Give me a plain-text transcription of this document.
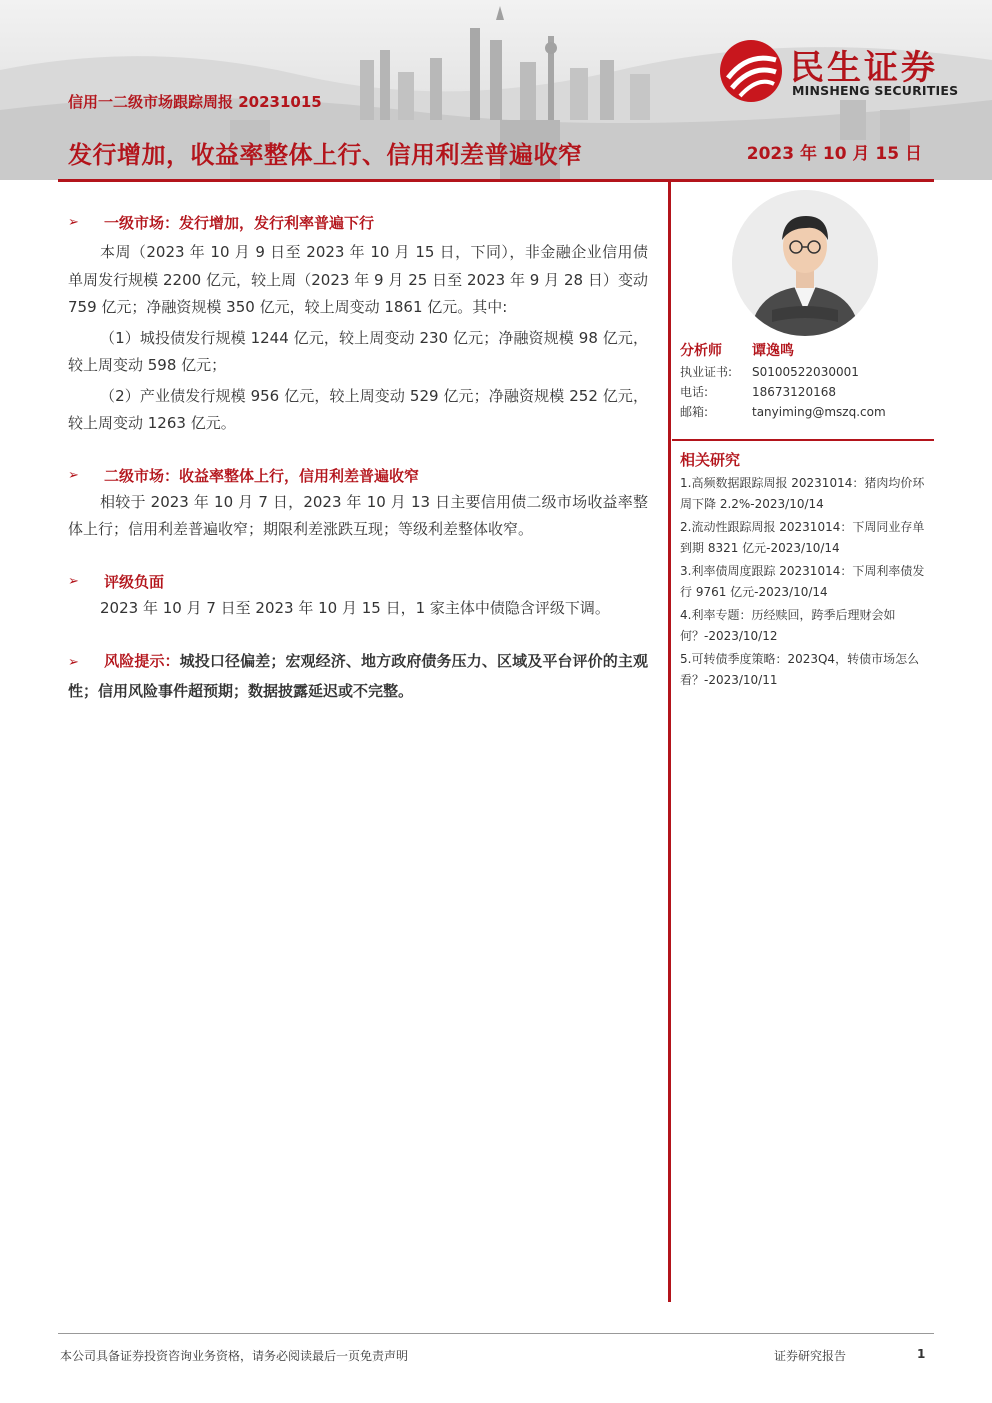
信用一二级市场跟踪周报 20231015
发行增加，收益率整体上行、信用利差普遍收窄	2023 年 10 月 15 日
民生证券
MINSHENG SECURITIES
➢	一级市场：发行增加，发行利率普遍下行

本周（2023 年 10 月 9 日至 2023 年 10 月 15 日，下同），非金融企业信用债单周发行规模 2200 亿元，较上周（2023 年 9 月 25 日至 2023 年 9 月 28 日）变动 759 亿元；净融资规模 350 亿元，较上周变动 1861 亿元。其中:

（1）城投债发行规模 1244 亿元，较上周变动 230 亿元；净融资规模 98 亿元，较上周变动 598 亿元；

（2）产业债发行规模 956 亿元，较上周变动 529 亿元；净融资规模 252 亿元，较上周变动 1263 亿元。

➢	二级市场：收益率整体上行，信用利差普遍收窄

相较于 2023 年 10 月 7 日，2023 年 10 月 13 日主要信用债二级市场收益率整体上行；信用利差普遍收窄；期限利差涨跌互现；等级利差整体收窄。

➢	评级负面

2023 年 10 月 7 日至 2023 年 10 月 15 日，1 家主体中债隐含评级下调。

➢ 风险提示：城投口径偏差；宏观经济、地方政府债务压力、区域及平台评价的主观性；信用风险事件超预期；数据披露延迟或不完整。

分析师	谭逸鸣
执业证书:	S0100522030001
电话:	18673120168
邮箱:	tanyiming@mszq.com
相关研究
1.高频数据跟踪周报 20231014：猪肉均价环周下降 2.2%-2023/10/14
2.流动性跟踪周报 20231014：下周同业存单到期 8321 亿元-2023/10/14
3.利率债周度跟踪 20231014：下周利率债发行 9761 亿元-2023/10/14
4.利率专题：历经赎回，跨季后理财会如何？-2023/10/12
5.可转债季度策略：2023Q4，转债市场怎么看？-2023/10/11
本公司具备证券投资咨询业务资格，请务必阅读最后一页免责声明	证券研究报告	1
